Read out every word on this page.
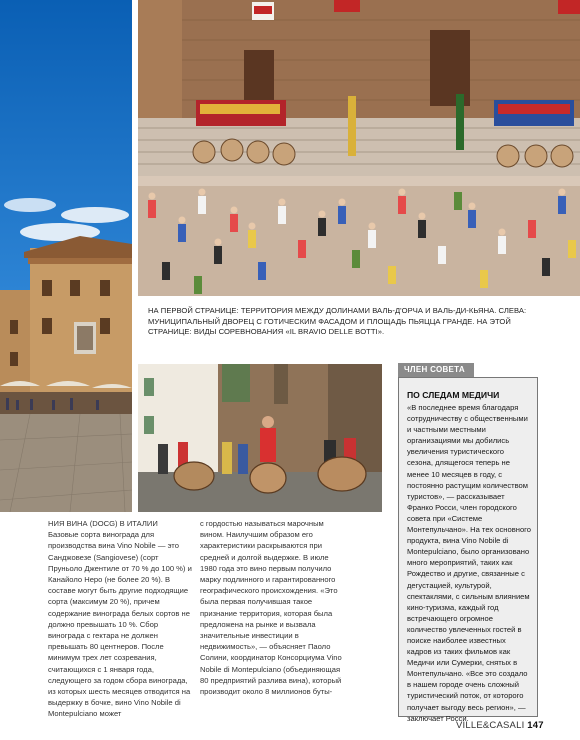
НА ПЕРВОЙ СТРАНИЦЕ: ТЕРРИТОРИЯ МЕЖДУ ДОЛИНАМИ ВАЛЬ-Д'ОРЧА И ВАЛЬ-ДИ-КЬЯНА. СЛЕВА: МУНИЦИПАЛЬНЫЙ ДВОРЕЦ С ГОТИЧЕСКИМ ФАСАДОМ И ПЛОЩАДЬ ПЬЯЦЦА ГРАНДЕ. НА ЭТОЙ СТРАНИЦЕ: ВИДЫ СОРЕВНОВАНИЯ «IL BRAVIO DELLE BOTTI».
ЧЛЕН СОВЕТА
ПО СЛЕДАМ МЕДИЧИ
«В последнее время благодаря сотрудничеству с общественными и частными местными организациями мы добились увеличения туристического сезона, длящегося теперь не менее 10 месяцев в году, с постоянно растущим количеством туристов», — рассказывает Франко Росси, член городского совета при «Системе Монтепульчано». На тех основного продукта, вина Vino Nobile di Montepulciano, было организовано много мероприятий, таких как Рождество и другие, связанные с дегустацией, культурой, спектаклями, с сильным влиянием кино-туризма, каждый год встречающего огромное количество увлеченных гостей в поиске наиболее известных кадров из таких фильмов как Медичи или Сумерки, снятых в Монтепульчано. «Все это создало в нашем городе очень сложный туристический поток, от которого получает выгоду весь регион», — заключает Росси.
НИЯ ВИНА (DOCG) В ИТАЛИИ
Базовые сорта винограда для производства вина Vino Nobile — это Санджовезе (Sangiovese) (сорт Пруньоло Джентиле от 70 % до 100 %) и Канайоло Неро (не более 20 %). В составе могут быть другие подходящие сорта (максимум 20 %), причем содержание винограда белых сортов не должно превышать 10 %. Сбор винограда с гектара не должен превышать 80 центнеров. После минимум трех лет созревания, считающихся с 1 января года, следующего за годом сбора винограда, из которых шесть месяцев отводится на выдержку в бочке, вино Vino Nobile di Montepulciano может
с гордостью называться марочным вином. Наилучшим образом его характеристики раскрываются при средней и долгой выдержке. В июле 1980 года это вино первым получило марку подлинного и гарантированного географического происхождения. «Это была первая получившая такое признание территория, которая была предложена на рынке и вызвала значительные инвестиции в недвижимость», — объясняет Паоло Солини, координатор Консорциума Vino Nobile di Montepulciano (объединяющая 80 предприятий разлива вина), который производит около 8 миллионов буты-
VILLE&CASALI 147
